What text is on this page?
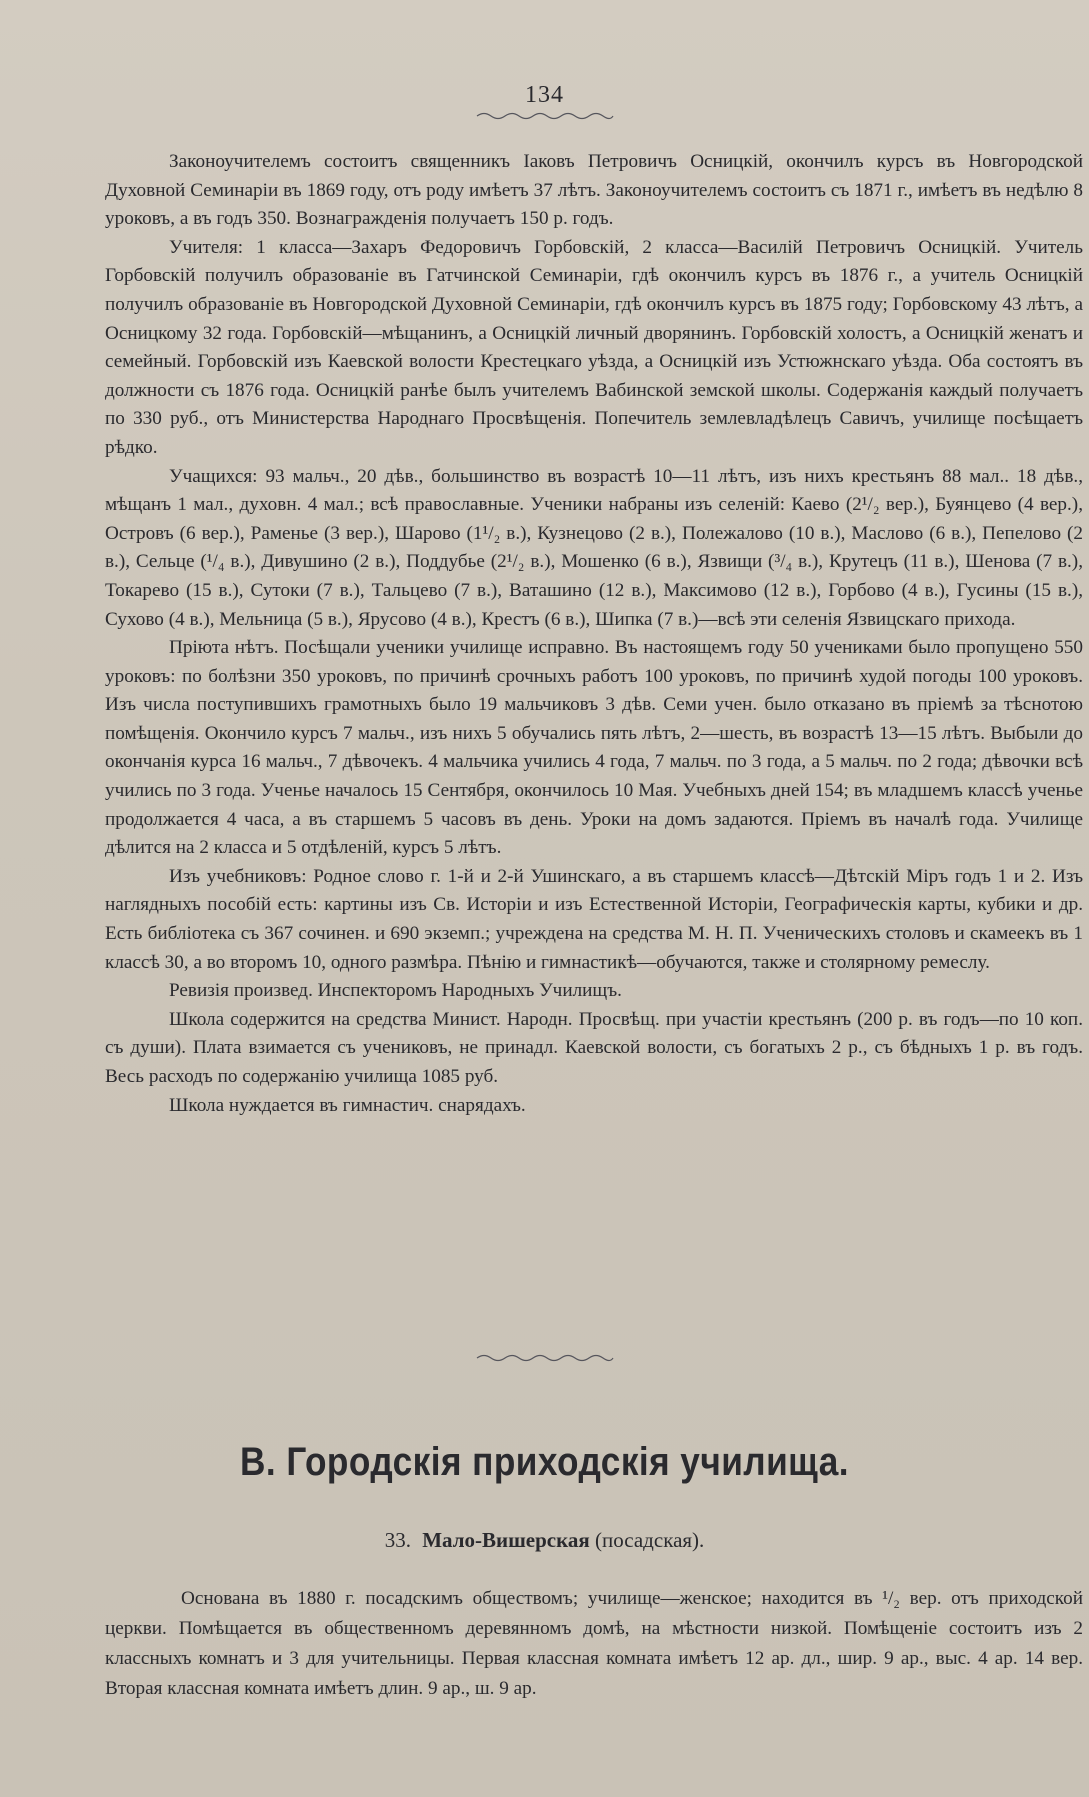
134

Законоучителемъ состоитъ священникъ Іаковъ Петровичъ Осницкій, окончилъ курсъ въ Новгородской Духовной Семинаріи въ 1869 году, отъ роду имѣетъ 37 лѣтъ. Законоучителемъ состоитъ съ 1871 г., имѣетъ въ недѣлю 8 уроковъ, а въ годъ 350. Вознагражденія получаетъ 150 р. годъ.

Учителя: 1 класса—Захаръ Федоровичъ Горбовскій, 2 класса—Василій Петровичъ Осницкій. Учитель Горбовскій получилъ образованіе въ Гатчинской Семинаріи, гдѣ окончилъ курсъ въ 1876 г., а учитель Осницкій получилъ образованіе въ Новгородской Духовной Семинаріи, гдѣ окончилъ курсъ въ 1875 году; Горбовскому 43 лѣтъ, а Осницкому 32 года. Горбовскій—мѣщанинъ, а Осницкій личный дворянинъ. Горбовскій холостъ, а Осницкій женатъ и семейный. Горбовскій изъ Каевской волости Крестецкаго уѣзда, а Осницкій изъ Устюжнскаго уѣзда. Оба состоятъ въ должности съ 1876 года. Осницкій ранѣе былъ учителемъ Вабинской земской школы. Содержанія каждый получаетъ по 330 руб., отъ Министерства Народнаго Просвѣщенія. Попечитель землевладѣлецъ Савичъ, училище посѣщаетъ рѣдко.

Учащихся: 93 мальч., 20 дѣв., большинство въ возрастѣ 10—11 лѣтъ, изъ нихъ крестьянъ 88 мал.. 18 дѣв., мѣщанъ 1 мал., духовн. 4 мал.; всѣ православные. Ученики набраны изъ селеній: Каево (2¹/₂ вер.), Буянцево (4 вер.), Островъ (6 вер.), Раменье (3 вер.), Шарово (1¹/₂ в.), Кузнецово (2 в.), Полежалово (10 в.), Маслово (6 в.), Пепелово (2 в.), Сельце (¹/₄ в.), Дивушино (2 в.), Поддубье (2¹/₂ в.), Мошенко (6 в.), Язвищи (³/₄ в.), Крутецъ (11 в.), Шенова (7 в.), Токарево (15 в.), Сутоки (7 в.), Тальцево (7 в.), Ваташино (12 в.), Максимово (12 в.), Горбово (4 в.), Гусины (15 в.), Сухово (4 в.), Мельница (5 в.), Ярусово (4 в.), Крестъ (6 в.), Шипка (7 в.)—всѣ эти селенія Язвицскаго прихода.

Пріюта нѣтъ. Посѣщали ученики училище исправно. Въ настоящемъ году 50 учениками было пропущено 550 уроковъ: по болѣзни 350 уроковъ, по причинѣ срочныхъ работъ 100 уроковъ, по причинѣ худой погоды 100 уроковъ. Изъ числа поступившихъ грамотныхъ было 19 мальчиковъ 3 дѣв. Семи учен. было отказано въ пріемѣ за тѣснотою помѣщенія. Окончило курсъ 7 мальч., изъ нихъ 5 обучались пять лѣтъ, 2—шесть, въ возрастѣ 13—15 лѣтъ. Выбыли до окончанія курса 16 мальч., 7 дѣвочекъ. 4 мальчика учились 4 года, 7 мальч. по 3 года, а 5 мальч. по 2 года; дѣвочки всѣ учились по 3 года. Ученье началось 15 Сентября, окончилось 10 Мая. Учебныхъ дней 154; въ младшемъ классѣ ученье продолжается 4 часа, а въ старшемъ 5 часовъ въ день. Уроки на домъ задаются. Пріемъ въ началѣ года. Училище дѣлится на 2 класса и 5 отдѣленій, курсъ 5 лѣтъ.

Изъ учебниковъ: Родное слово г. 1-й и 2-й Ушинскаго, а въ старшемъ классѣ—Дѣтскій Міръ годъ 1 и 2. Изъ наглядныхъ пособій есть: картины изъ Св. Исторіи и изъ Естественной Исторіи, Географическія карты, кубики и др. Есть библіотека съ 367 сочинен. и 690 экземп.; учреждена на средства М. Н. П. Ученическихъ столовъ и скамеекъ въ 1 классѣ 30, а во второмъ 10, одного размѣра. Пѣнію и гимнастикѣ—обучаются, также и столярному ремеслу.

Ревизія произвед. Инспекторомъ Народныхъ Училищъ.

Школа содержится на средства Минист. Народн. Просвѣщ. при участіи крестьянъ (200 р. въ годъ—по 10 коп. съ души). Плата взимается съ учениковъ, не принадл. Каевской волости, съ богатыхъ 2 р., съ бѣдныхъ 1 р. въ годъ. Весь расходъ по содержанію училища 1085 руб.

Школа нуждается въ гимнастич. снарядахъ.

В. Городскія приходскія училища.
33. Мало-Вишерская (посадская).

Основана въ 1880 г. посадскимъ обществомъ; училище—женское; находится въ ¹/₂ вер. отъ приходской церкви. Помѣщается въ общественномъ деревянномъ домѣ, на мѣстности низкой. Помѣщеніе состоитъ изъ 2 классныхъ комнатъ и 3 для учительницы. Первая классная комната имѣетъ 12 ар. дл., шир. 9 ар., выс. 4 ар. 14 вер. Вторая классная комната имѣетъ длин. 9 ар., ш. 9 ар.
